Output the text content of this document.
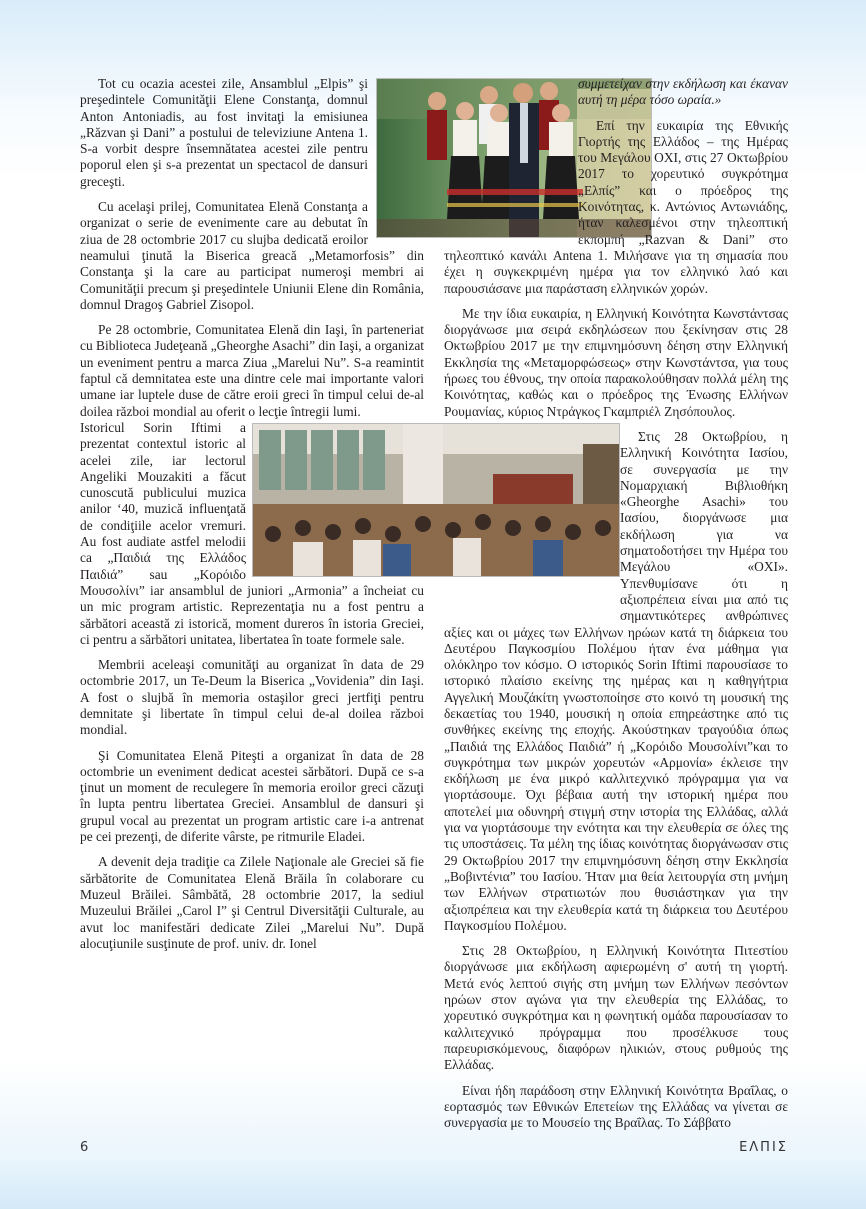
Tot cu ocazia acestei zile, Ansamblul „Elpis” şi preşedintele Comunităţii Elene Constanţa, domnul Anton Antoniadis, au fost invitaţi la emisiunea „Răzvan şi Dani” a postului de televiziune Antena 1. S-a vorbit despre însemnătatea acestei zile pentru poporul elen şi s-a prezentat un spectacol de dansuri greceşti.

Cu acelaşi prilej, Comunitatea Elenă Constanţa a organizat o serie de evenimente care au debutat în ziua de 28 octombrie 2017 cu slujba dedicată eroilor neamului ţinută la Biserica greacă „Metamorfosis” din Constanţa şi la care au participat numeroşi membri ai Comunităţii precum şi preşedintele Uniunii Elene din România, domnul Dragoş Gabriel Zisopol.

Pe 28 octombrie, Comunitatea Elenă din Iaşi, în parteneriat cu Biblioteca Judeţeană „Gheorghe Asachi” din Iaşi, a organizat un eveniment pentru a marca Ziua „Marelui Nu”. S-a reamintit faptul că demnitatea este una dintre cele mai importante valori umane iar luptele duse de către eroii greci în timpul celui de-al doilea război mondial au oferit o lecţie întregii lumi.

Istoricul Sorin Iftimi a prezentat contextul istoric al acelei zile, iar lectorul Angeliki Mouzakiti a făcut cunoscută publicului muzica anilor ‘40, muzică influenţată de condiţiile acelor vremuri. Au fost audiate astfel melodii ca „Παιδιά της Ελλάδος Παιδιά” sau „Κορόιδο Μουσολίνι” iar ansamblul de juniori „Armonia” a încheiat cu un mic program artistic. Reprezentaţia nu a fost pentru a sărbători această zi istorică, moment dureros în istoria Greciei, ci pentru a sărbători unitatea, libertatea în toate formele sale.

Membrii aceleaşi comunităţi au organizat în data de 29 octombrie 2017, un Te-Deum la Biserica „Vovidenia” din Iaşi. A fost o slujbă în memoria ostaşilor greci jertfiţi pentru demnitate şi libertate în timpul celui de-al doilea război mondial.

Şi Comunitatea Elenă Piteşti a organizat în data de 28 octombrie un eveniment dedicat acestei sărbători. După ce s-a ţinut un moment de reculegere în memoria eroilor greci căzuţi în lupta pentru libertatea Greciei. Ansamblul de dansuri şi grupul vocal au prezentat un program artistic care i-a antrenat pe cei prezenţi, de diferite vârste, pe ritmurile Eladei.

A devenit deja tradiţie ca Zilele Naţionale ale Greciei să fie sărbătorite de Comunitatea Elenă Brăila în colaborare cu Muzeul Brăilei. Sâmbătă, 28 octombrie 2017, la sediul Muzeului Brăilei „Carol I” şi Centrul Diversităţii Culturale, au avut loc manifestări dedicate Zilei „Marelui Nu”. După alocuţiunile susţinute de prof. univ. dr. Ionel

συμμετείχαν στην εκδήλωση και έκαναν αυτή τη μέρα τόσο ωραία.»

Επί την ευκαιρία της Εθνικής Γιορτής της Ελλάδος – της Ημέρας του Μεγάλου ΟΧΙ, στις 27 Οκτωβρίου 2017 το χορευτικό συγκρότημα „Ελπίς” και ο πρόεδρος της Κοινότητας, κ. Αντώνιος Αντωνιάδης, ήταν καλεσμένοι στην τηλεοπτική εκπομπή „Razvan & Dani” στο τηλεοπτικό κανάλι Antena 1. Μιλήσανε για τη σημασία που έχει η συγκεκριμένη ημέρα για τον ελληνικό λαό και παρουσιάσανε μια παράσταση ελληνικών χορών.

Με την ίδια ευκαιρία, η Ελληνική Κοινότητα Κωνστάντσας διοργάνωσε μια σειρά εκδηλώσεων που ξεκίνησαν στις 28 Οκτωβρίου 2017 με την επιμνημόσυνη δέηση στην Ελληνική Εκκλησία της «Μεταμορφώσεως» στην Κωνστάντσα, για τους ήρωες του έθνους, την οποία παρακολούθησαν πολλά μέλη της Κοινότητας, καθώς και ο πρόεδρος της Ένωσης Ελλήνων Ρουμανίας, κύριος Ντράγκος Γκαμπριέλ Ζησόπουλος.

Στις 28 Οκτωβρίου, η Ελληνική Κοινότητα Ιασίου, σε συνεργασία με την Νομαρχιακή Βιβλιοθήκη «Gheorghe Asachi» του Ιασίου, διοργάνωσε μια εκδήλωση για να σηματοδοτήσει την Ημέρα του Μεγάλου «ΟΧΙ». Υπενθυμίσανε ότι η αξιοπρέπεια είναι μια από τις σημαντικότερες ανθρώπινες αξίες και οι μάχες των Ελλήνων ηρώων κατά τη διάρκεια του Δευτέρου Παγκοσμίου Πολέμου ήταν ένα μάθημα για ολόκληρο τον κόσμο. Ο ιστορικός Sorin Iftimi παρουσίασε το ιστορικό πλαίσιο εκείνης της ημέρας και η καθηγήτρια Αγγελική Μουζάκίτη γνωστοποίησε στο κοινό τη μουσική της δεκαετίας του 1940, μουσική η οποία επηρεάστηκε από τις συνθήκες εκείνης της εποχής. Ακούστηκαν τραγούδια όπως „Παιδιά της Ελλάδος Παιδιά” ή „Κορόιδο Μουσολίνι”και το συγκρότημα των μικρών χορευτών «Αρμονία» έκλεισε την εκδήλωση με ένα μικρό καλλιτεχνικό πρόγραμμα για να γιορτάσουμε. Όχι βέβαια αυτή την ιστορική ημέρα που αποτελεί μια οδυνηρή στιγμή στην ιστορία της Ελλάδας, αλλά για να γιορτάσουμε την ενότητα και την ελευθερία σε όλες της τις υποστάσεις. Τα μέλη της ίδιας κοινότητας διοργάνωσαν στις 29 Οκτωβρίου 2017 την επιμνημόσυνη δέηση στην Εκκλησία „Βοβιντένια” του Ιασίου. Ήταν μια θεία λειτουργία στη μνήμη των Ελλήνων στρατιωτών που θυσιάστηκαν για την αξιοπρέπεια και την ελευθερία κατά τη διάρκεια του Δευτέρου Παγκοσμίου Πολέμου.

Στις 28 Οκτωβρίου, η Ελληνική Κοινότητα Πιτεστίου διοργάνωσε μια εκδήλωση αφιερωμένη σ' αυτή τη γιορτή. Μετά ενός λεπτού σιγής στη μνήμη των Ελλήνων πεσόντων ηρώων στον αγώνα για την ελευθερία της Ελλάδας, το χορευτικό συγκρότημα και η φωνητική ομάδα παρουσίασαν το καλλιτεχνικό πρόγραμμα που προσέλκυσε τους παρευρισκόμενους, διαφόρων ηλικιών, στους ρυθμούς της Ελλάδας.

Είναι ήδη παράδοση στην Ελληνική Κοινότητα Βραΐλας, ο εορτασμός των Εθνικών Επετείων της Ελλάδας να γίνεται σε συνεργασία με το Μουσείο της Βραΐλας. Το Σάββατο

6	ΕΛΠΙΣ
